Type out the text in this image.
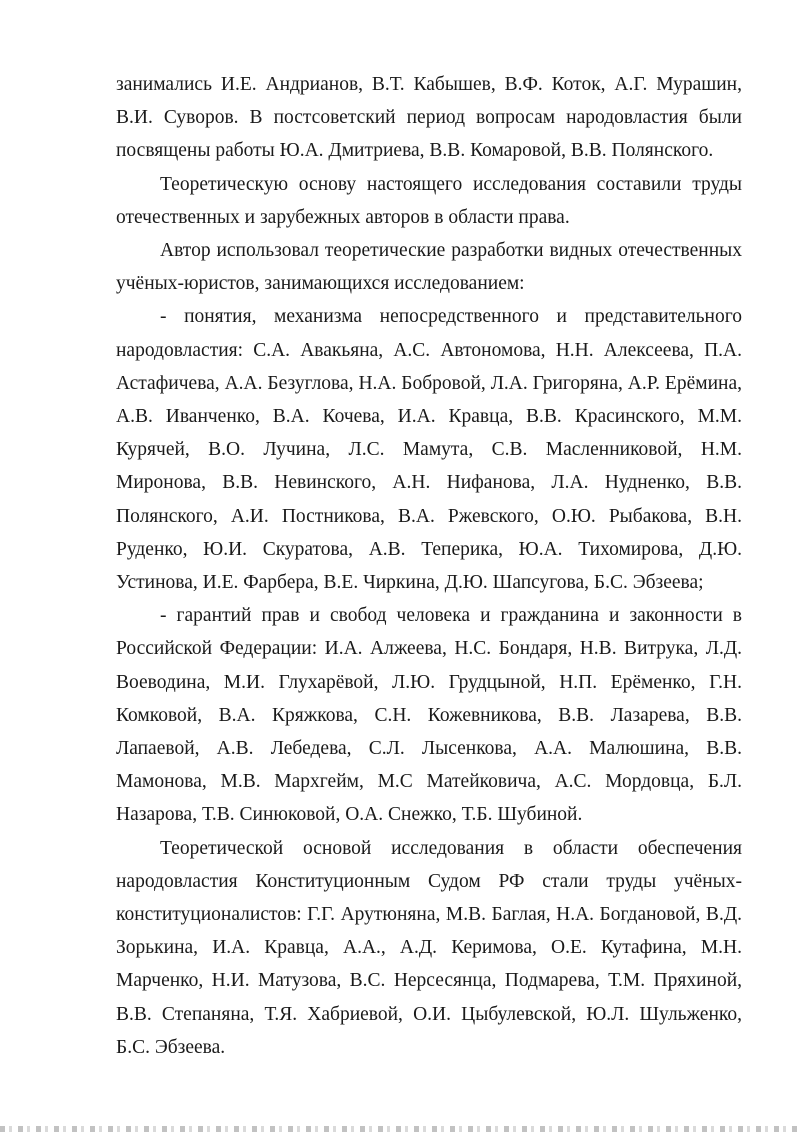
занимались И.Е. Андрианов, В.Т. Кабышев, В.Ф. Коток, А.Г. Мурашин, В.И. Суворов. В постсоветский период вопросам народовластия были посвящены работы Ю.А. Дмитриева, В.В. Комаровой, В.В. Полянского.

Теоретическую основу настоящего исследования составили труды отечественных и зарубежных авторов в области права.

Автор использовал теоретические разработки видных отечественных учёных-юристов, занимающихся исследованием:

- понятия, механизма непосредственного и представительного народовластия: С.А. Авакьяна, А.С. Автономова, Н.Н. Алексеева, П.А. Астафичева, А.А. Безуглова, Н.А. Бобровой, Л.А. Григоряна, А.Р. Ерёмина, А.В. Иванченко, В.А. Кочева, И.А. Кравца, В.В. Красинского, М.М. Курячей, В.О. Лучина, Л.С. Мамута, С.В. Масленниковой, Н.М. Миронова, В.В. Невинского, А.Н. Нифанова, Л.А. Нудненко, В.В. Полянского, А.И. Постникова, В.А. Ржевского, О.Ю. Рыбакова, В.Н. Руденко, Ю.И. Скуратова, А.В. Теперика, Ю.А. Тихомирова, Д.Ю. Устинова, И.Е. Фарбера, В.Е. Чиркина, Д.Ю. Шапсугова, Б.С. Эбзеева;

- гарантий прав и свобод человека и гражданина и законности в Российской Федерации: И.А. Алжеева, Н.С. Бондаря, Н.В. Витрука, Л.Д. Воеводина, М.И. Глухарёвой, Л.Ю. Грудцыной, Н.П. Ерёменко, Г.Н. Комковой, В.А. Кряжкова, С.Н. Кожевникова, В.В. Лазарева, В.В. Лапаевой, А.В. Лебедева, С.Л. Лысенкова, А.А. Малюшина, В.В. Мамонова, М.В. Мархгейм, М.С Матейковича, А.С. Мордовца, Б.Л. Назарова, Т.В. Синюковой, О.А. Снежко, Т.Б. Шубиной.

Теоретической основой исследования в области обеспечения народовластия Конституционным Судом РФ стали труды учёных-конституционалистов: Г.Г. Арутюняна, М.В. Баглая, Н.А. Богдановой, В.Д. Зорькина, И.А. Кравца, А.А., А.Д. Керимова, О.Е. Кутафина, М.Н. Марченко, Н.И. Матузова, В.С. Нерсесянца, Подмарева, Т.М. Пряхиной, В.В. Степаняна, Т.Я. Хабриевой, О.И. Цыбулевской, Ю.Л. Шульженко, Б.С. Эбзеева.
